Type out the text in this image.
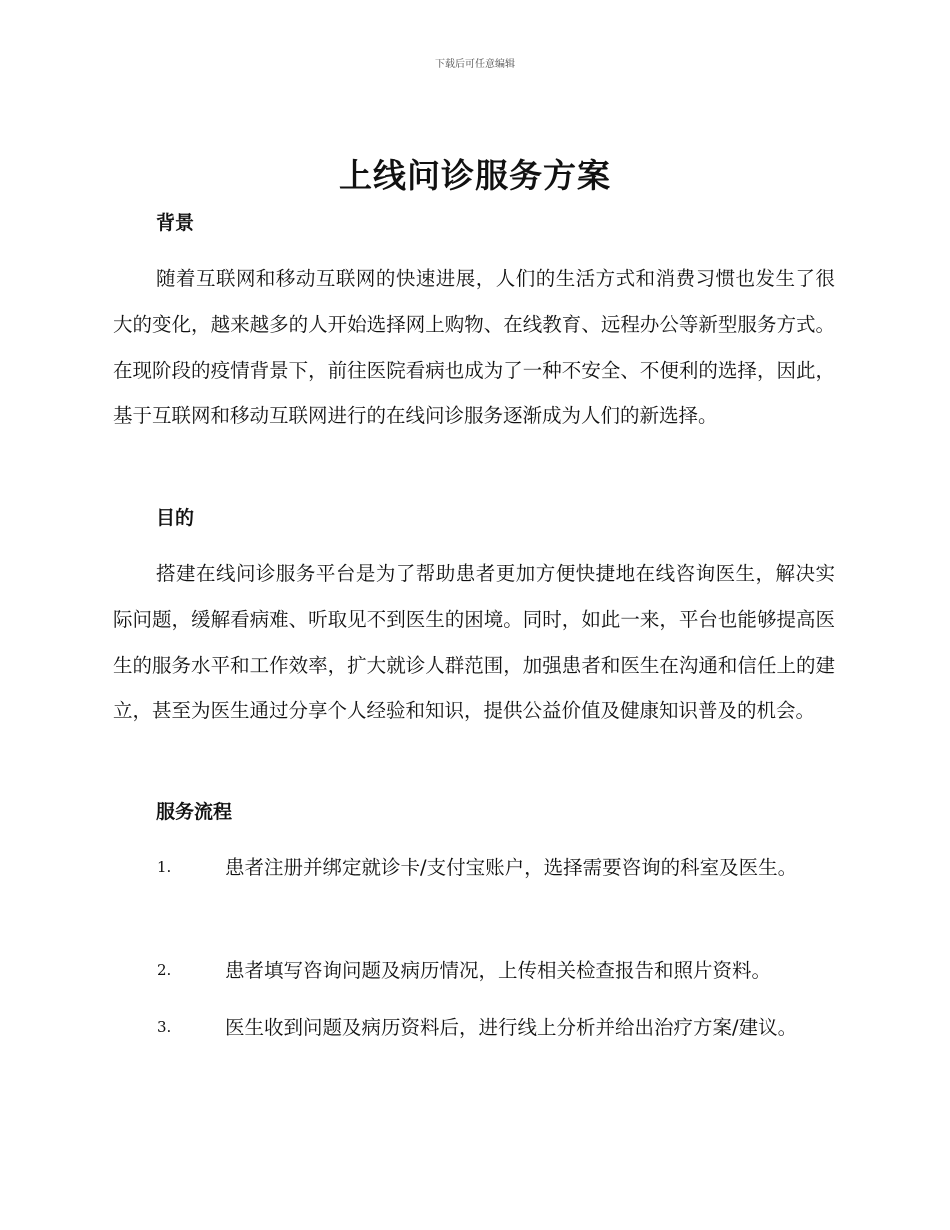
下载后可任意编辑
上线问诊服务方案
背景

随着互联网和移动互联网的快速进展，人们的生活方式和消费习惯也发生了很大的变化，越来越多的人开始选择网上购物、在线教育、远程办公等新型服务方式。在现阶段的疫情背景下，前往医院看病也成为了一种不安全、不便利的选择，因此，基于互联网和移动互联网进行的在线问诊服务逐渐成为人们的新选择。

目的

搭建在线问诊服务平台是为了帮助患者更加方便快捷地在线咨询医生，解决实际问题，缓解看病难、听取见不到医生的困境。同时，如此一来，平台也能够提高医生的服务水平和工作效率，扩大就诊人群范围，加强患者和医生在沟通和信任上的建立，甚至为医生通过分享个人经验和知识，提供公益价值及健康知识普及的机会。

服务流程
1.	患者注册并绑定就诊卡/支付宝账户，选择需要咨询的科室及医生。
2.	患者填写咨询问题及病历情况，上传相关检查报告和照片资料。
3.	医生收到问题及病历资料后，进行线上分析并给出治疗方案/建议。
